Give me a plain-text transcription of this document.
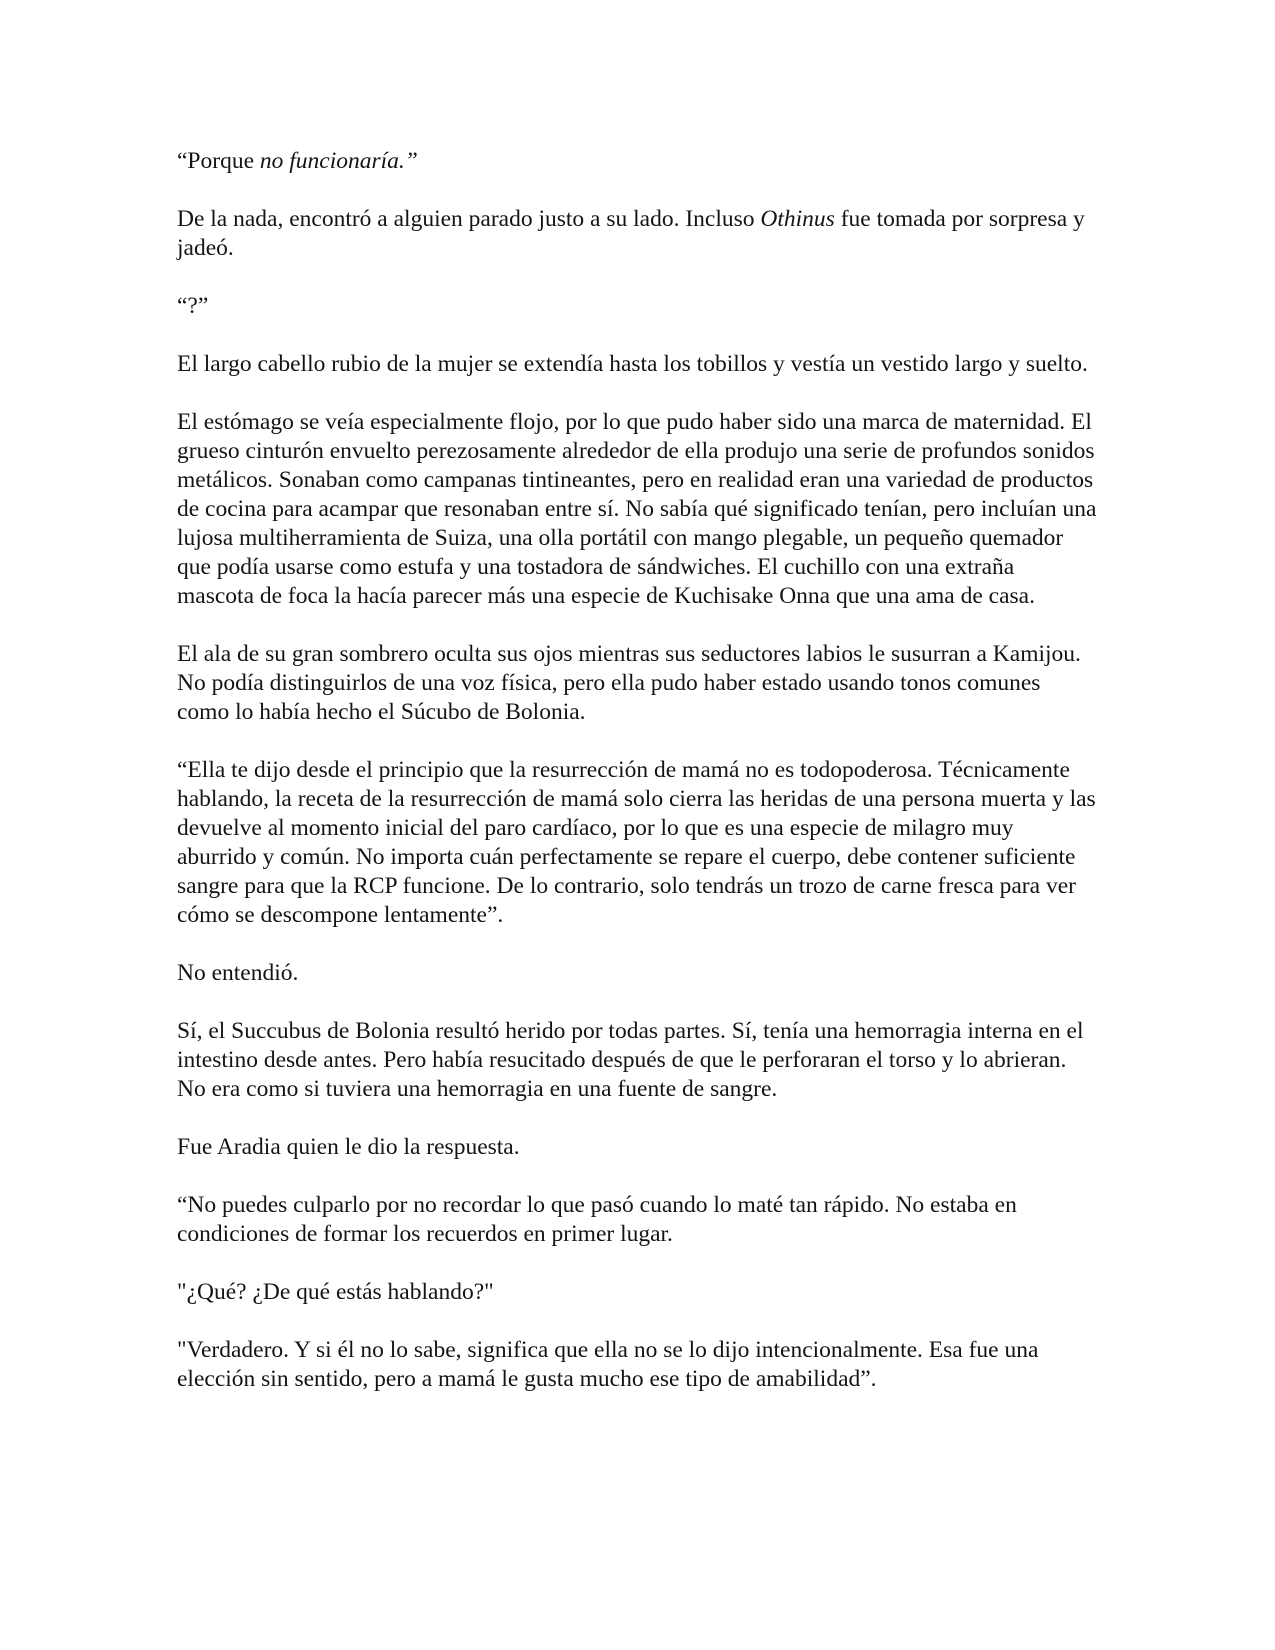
“Porque no funcionaría.”

De la nada, encontró a alguien parado justo a su lado. Incluso Othinus fue tomada por sorpresa y jadeó.

“?”

El largo cabello rubio de la mujer se extendía hasta los tobillos y vestía un vestido largo y suelto.

El estómago se veía especialmente flojo, por lo que pudo haber sido una marca de maternidad. El grueso cinturón envuelto perezosamente alrededor de ella produjo una serie de profundos sonidos metálicos. Sonaban como campanas tintineantes, pero en realidad eran una variedad de productos de cocina para acampar que resonaban entre sí. No sabía qué significado tenían, pero incluían una lujosa multiherramienta de Suiza, una olla portátil con mango plegable, un pequeño quemador que podía usarse como estufa y una tostadora de sándwiches. El cuchillo con una extraña mascota de foca la hacía parecer más una especie de Kuchisake Onna que una ama de casa.

El ala de su gran sombrero oculta sus ojos mientras sus seductores labios le susurran a Kamijou. No podía distinguirlos de una voz física, pero ella pudo haber estado usando tonos comunes como lo había hecho el Súcubo de Bolonia.

“Ella te dijo desde el principio que la resurrección de mamá no es todopoderosa. Técnicamente hablando, la receta de la resurrección de mamá solo cierra las heridas de una persona muerta y las devuelve al momento inicial del paro cardíaco, por lo que es una especie de milagro muy aburrido y común. No importa cuán perfectamente se repare el cuerpo, debe contener suficiente sangre para que la RCP funcione. De lo contrario, solo tendrás un trozo de carne fresca para ver cómo se descompone lentamente”.

No entendió.

Sí, el Succubus de Bolonia resultó herido por todas partes. Sí, tenía una hemorragia interna en el intestino desde antes. Pero había resucitado después de que le perforaran el torso y lo abrieran. No era como si tuviera una hemorragia en una fuente de sangre.

Fue Aradia quien le dio la respuesta.

“No puedes culparlo por no recordar lo que pasó cuando lo maté tan rápido. No estaba en condiciones de formar los recuerdos en primer lugar.

"¿Qué? ¿De qué estás hablando?"

"Verdadero. Y si él no lo sabe, significa que ella no se lo dijo intencionalmente. Esa fue una elección sin sentido, pero a mamá le gusta mucho ese tipo de amabilidad”.
